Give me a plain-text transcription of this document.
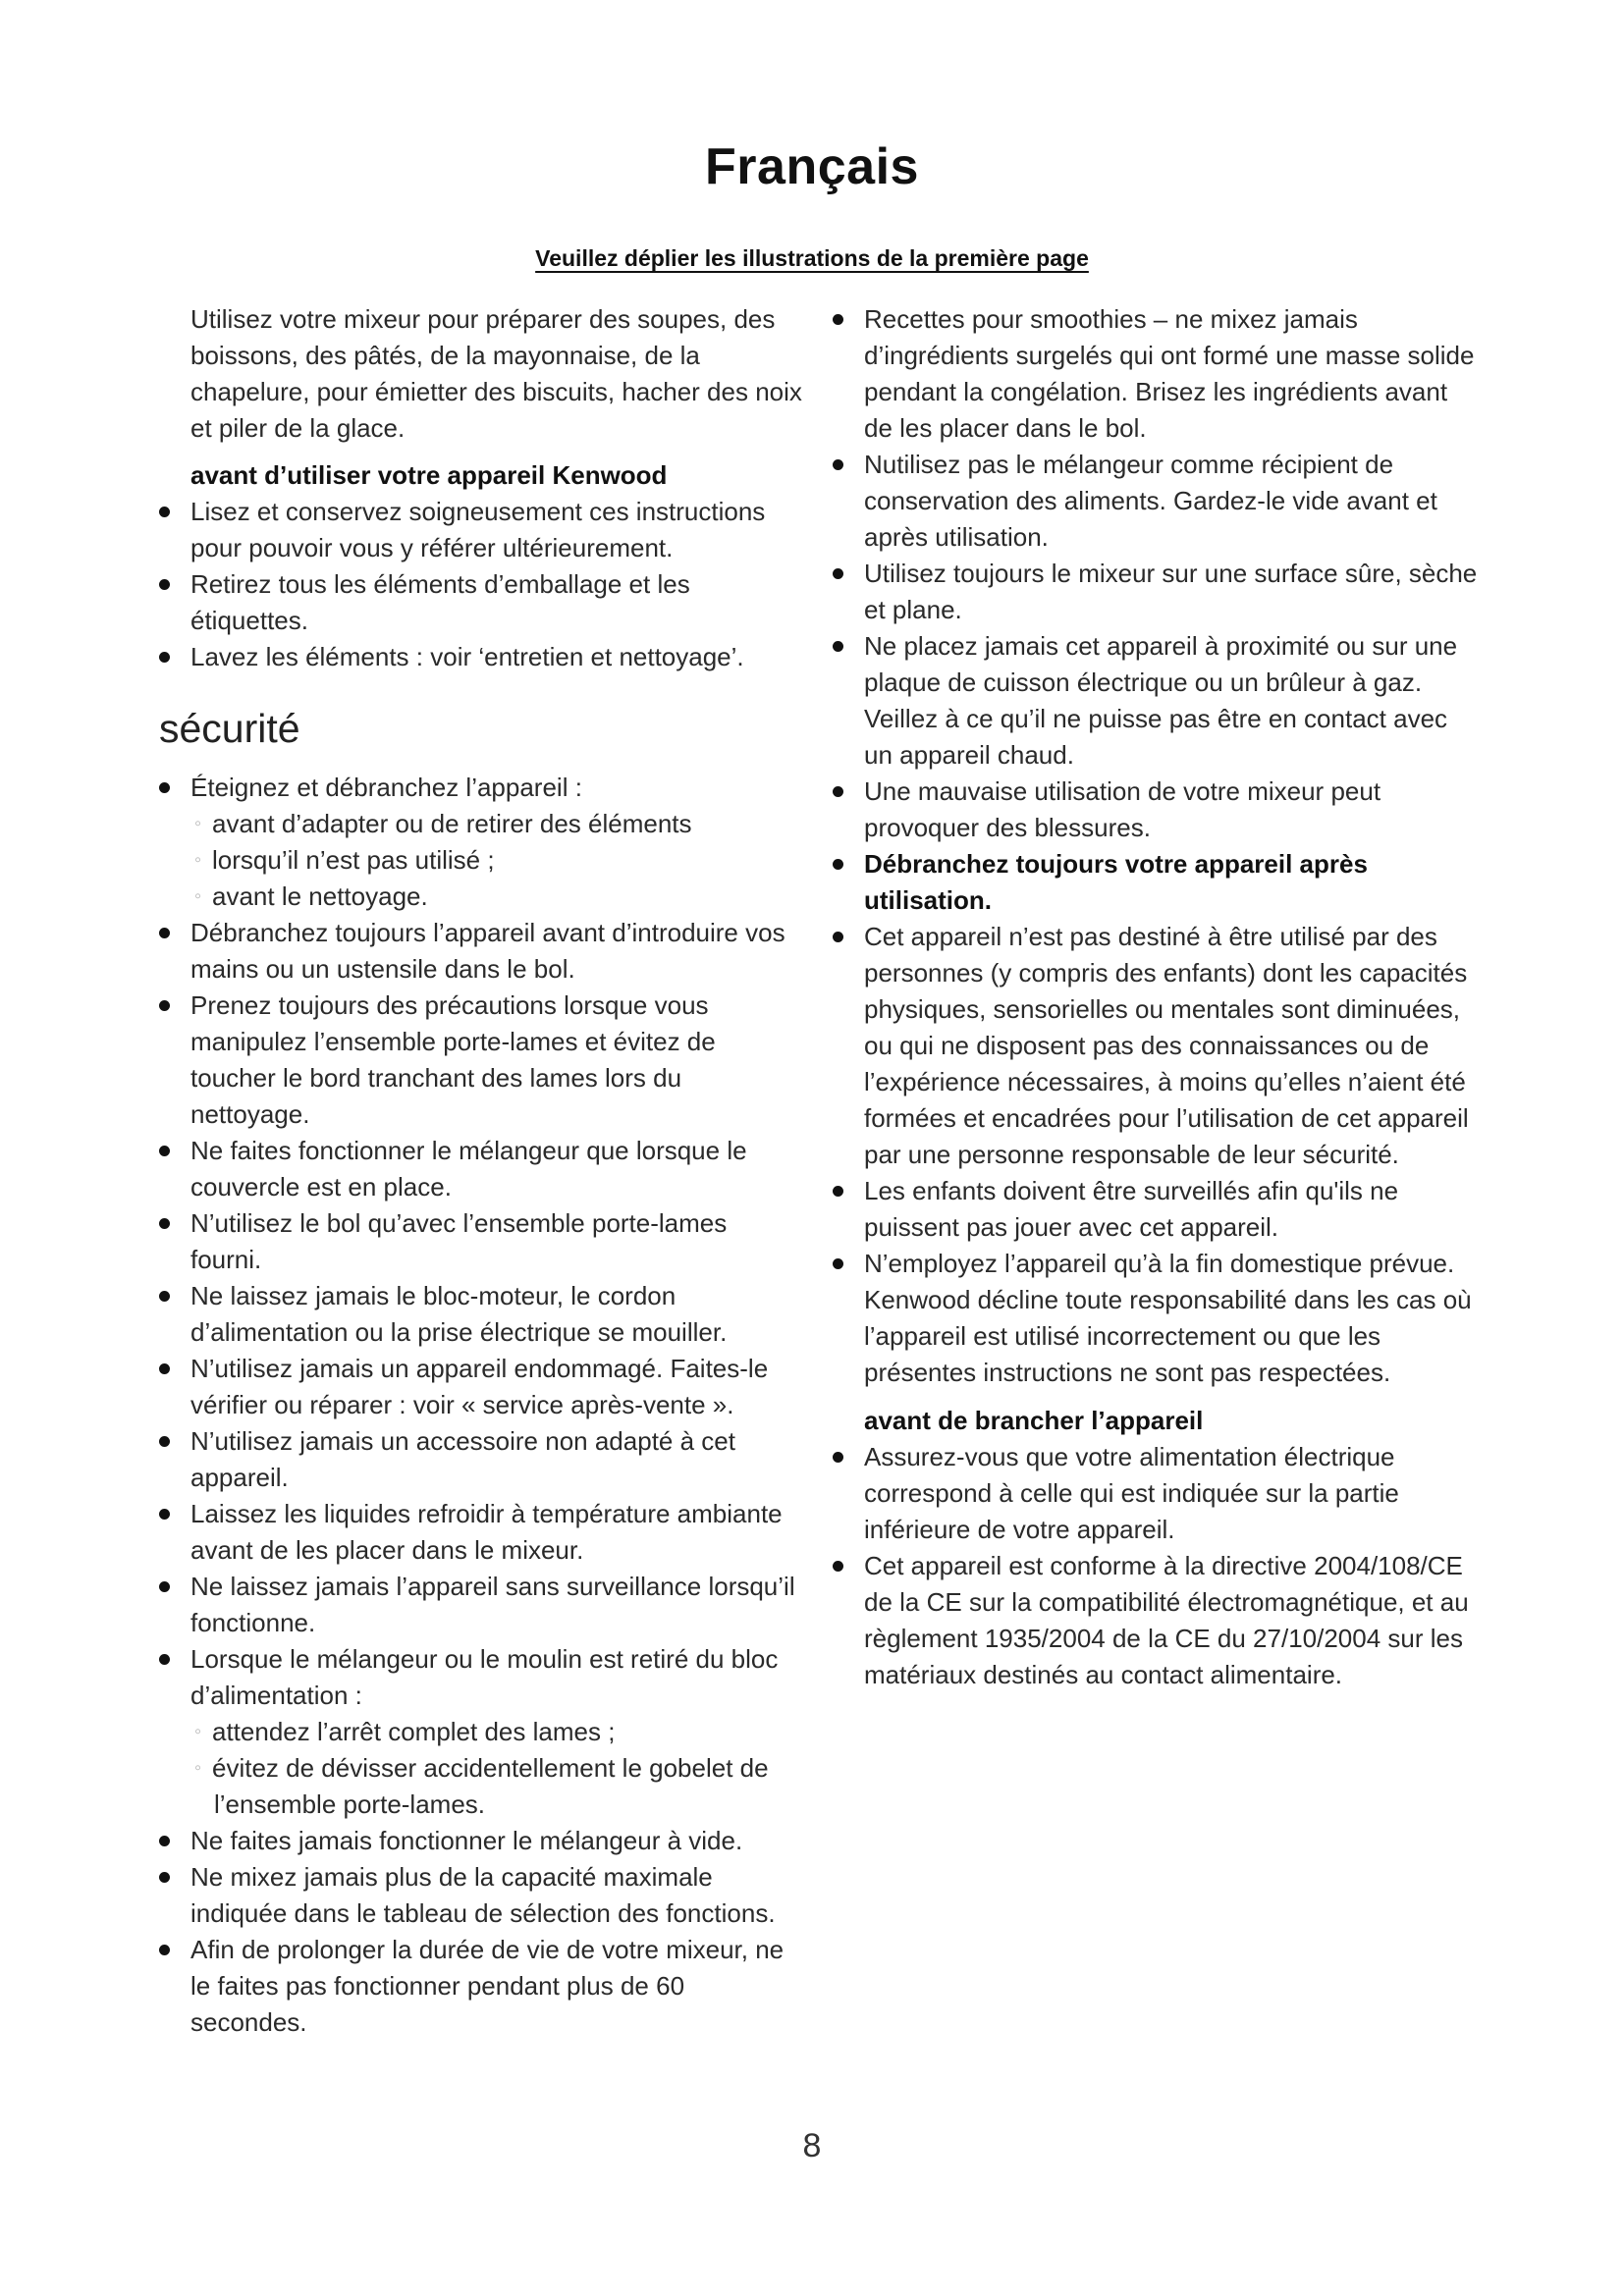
Français
Veuillez déplier les illustrations de la première page

Utilisez votre mixeur pour préparer des soupes, des boissons, des pâtés, de la mayonnaise, de la chapelure, pour émietter des biscuits, hacher des noix et piler de la glace.

avant d’utiliser votre appareil Kenwood
Lisez et conservez soigneusement ces instructions pour pouvoir vous y référer ultérieurement.
Retirez tous les éléments d’emballage et les étiquettes.
Lavez les éléments : voir ‘entretien et nettoyage’.
sécurité
Éteignez et débranchez l’appareil :
◦ avant d’adapter ou de retirer des éléments
◦ lorsqu’il n’est pas utilisé ;
◦ avant le nettoyage.
Débranchez toujours l’appareil avant d’introduire vos mains ou un ustensile dans le bol.
Prenez toujours des précautions lorsque vous manipulez l’ensemble porte-lames et évitez de toucher le bord tranchant des lames lors du nettoyage.
Ne faites fonctionner le mélangeur que lorsque le couvercle est en place.
N’utilisez le bol qu’avec l’ensemble porte-lames fourni.
Ne laissez jamais le bloc-moteur, le cordon d’alimentation ou la prise électrique se mouiller.
N’utilisez jamais un appareil endommagé. Faites-le vérifier ou réparer : voir « service après-vente ».
N’utilisez jamais un accessoire non adapté à cet appareil.
Laissez les liquides refroidir à température ambiante avant de les placer dans le mixeur.
Ne laissez jamais l’appareil sans surveillance lorsqu’il fonctionne.
Lorsque le mélangeur ou le moulin est retiré du bloc d’alimentation :
◦ attendez l’arrêt complet des lames ;
◦ évitez de dévisser accidentellement le gobelet de l’ensemble porte-lames.
Ne faites jamais fonctionner le mélangeur à vide.
Ne mixez jamais plus de la capacité maximale indiquée dans le tableau de sélection des fonctions.
Afin de prolonger la durée de vie de votre mixeur, ne le faites pas fonctionner pendant plus de 60 secondes.
Recettes pour smoothies – ne mixez jamais d’ingrédients surgelés qui ont formé une masse solide pendant la congélation. Brisez les ingrédients avant de les placer dans le bol.
Nutilisez pas le mélangeur comme récipient de conservation des aliments. Gardez-le vide avant et après utilisation.
Utilisez toujours le mixeur sur une surface sûre, sèche et plane.
Ne placez jamais cet appareil à proximité ou sur une plaque de cuisson électrique ou un brûleur à gaz. Veillez à ce qu’il ne puisse pas être en contact avec un appareil chaud.
Une mauvaise utilisation de votre mixeur peut provoquer des blessures.
Débranchez toujours votre appareil après utilisation.
Cet appareil n’est pas destiné à être utilisé par des personnes (y compris des enfants) dont les capacités physiques, sensorielles ou mentales sont diminuées, ou qui ne disposent pas des connaissances ou de l’expérience nécessaires, à moins qu’elles n’aient été formées et encadrées pour l’utilisation de cet appareil par une personne responsable de leur sécurité.
Les enfants doivent être surveillés afin qu'ils ne puissent pas jouer avec cet appareil.
N’employez l’appareil qu’à la fin domestique prévue. Kenwood décline toute responsabilité dans les cas où l’appareil est utilisé incorrectement ou que les présentes instructions ne sont pas respectées.
avant de brancher l’appareil
Assurez-vous que votre alimentation électrique correspond à celle qui est indiquée sur la partie inférieure de votre appareil.
Cet appareil est conforme à la directive 2004/108/CE de la CE sur la compatibilité électromagnétique, et au règlement 1935/2004 de la CE du 27/10/2004 sur les matériaux destinés au contact alimentaire.
8
